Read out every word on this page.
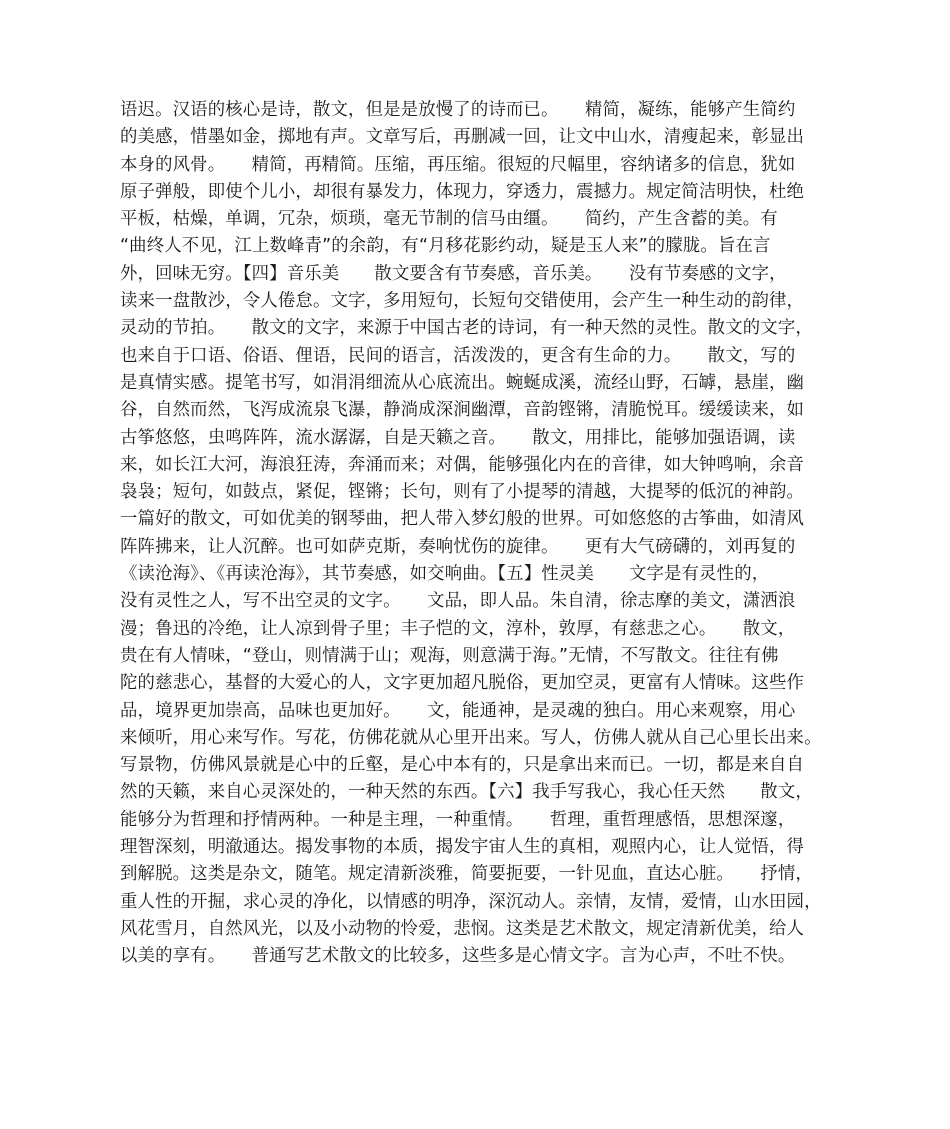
语迟。汉语的核心是诗，散文，但是是放慢了的诗而已。　　精简，凝练，能够产生简约
的美感，惜墨如金，掷地有声。文章写后，再删减一回，让文中山水，清瘦起来，彰显出
本身的风骨。　　精简，再精简。压缩，再压缩。很短的尺幅里，容纳诸多的信息，犹如
原子弹般，即使个儿小，却很有暴发力，体现力，穿透力，震撼力。规定简洁明快，杜绝
平板，枯燥，单调，冗杂，烦琐，毫无节制的信马由缰。　　简约，产生含蓄的美。有
“曲终人不见，江上数峰青”的余韵，有“月移花影约动，疑是玉人来”的朦胧。旨在言
外，回味无穷。【四】音乐美　　散文要含有节奏感，音乐美。　　没有节奏感的文字，
读来一盘散沙，令人倦怠。文字，多用短句，长短句交错使用，会产生一种生动的韵律，
灵动的节拍。　　散文的文字，来源于中国古老的诗词，有一种天然的灵性。散文的文字，
也来自于口语、俗语、俚语，民间的语言，活泼泼的，更含有生命的力。　　散文，写的
是真情实感。提笔书写，如涓涓细流从心底流出。蜿蜒成溪，流经山野，石罅，悬崖，幽
谷，自然而然，飞泻成流泉飞瀑，静淌成深涧幽潭，音韵铿锵，清脆悦耳。缓缓读来，如
古筝悠悠，虫鸣阵阵，流水潺潺，自是天籁之音。　　散文，用排比，能够加强语调，读
来，如长江大河，海浪狂涛，奔涌而来；对偶，能够强化内在的音律，如大钟鸣响，余音
袅袅；短句，如鼓点，紧促，铿锵；长句，则有了小提琴的清越，大提琴的低沉的神韵。
一篇好的散文，可如优美的钢琴曲，把人带入梦幻般的世界。可如悠悠的古筝曲，如清风
阵阵拂来，让人沉醉。也可如萨克斯，奏响忧伤的旋律。　　更有大气磅礴的，刘再复的
《读沧海》、《再读沧海》，其节奏感，如交响曲。【五】性灵美　　文字是有灵性的，
没有灵性之人，写不出空灵的文字。　　文品，即人品。朱自清，徐志摩的美文，潇洒浪
漫；鲁迅的冷绝，让人凉到骨子里；丰子恺的文，淳朴，敦厚，有慈悲之心。　　散文，
贵在有人情味，“登山，则情满于山；观海，则意满于海。”无情，不写散文。往往有佛
陀的慈悲心，基督的大爱心的人，文字更加超凡脱俗，更加空灵，更富有人情味。这些作
品，境界更加崇高，品味也更加好。　　文，能通神，是灵魂的独白。用心来观察，用心
来倾听，用心来写作。写花，仿佛花就从心里开出来。写人，仿佛人就从自己心里长出来。
写景物，仿佛风景就是心中的丘壑，是心中本有的，只是拿出来而已。一切，都是来自自
然的天籁，来自心灵深处的，一种天然的东西。【六】我手写我心，我心任天然　　散文，
能够分为哲理和抒情两种。一种是主理，一种重情。　　哲理，重哲理感悟，思想深邃，
理智深刻，明澈通达。揭发事物的本质，揭发宇宙人生的真相，观照内心，让人觉悟，得
到解脱。这类是杂文，随笔。规定清新淡雅，简要扼要，一针见血，直达心脏。　　抒情，
重人性的开掘，求心灵的净化，以情感的明净，深沉动人。亲情，友情，爱情，山水田园，
风花雪月，自然风光，以及小动物的怜爱，悲悯。这类是艺术散文，规定清新优美，给人
以美的享有。　　普通写艺术散文的比较多，这些多是心情文字。言为心声，不吐不快。
